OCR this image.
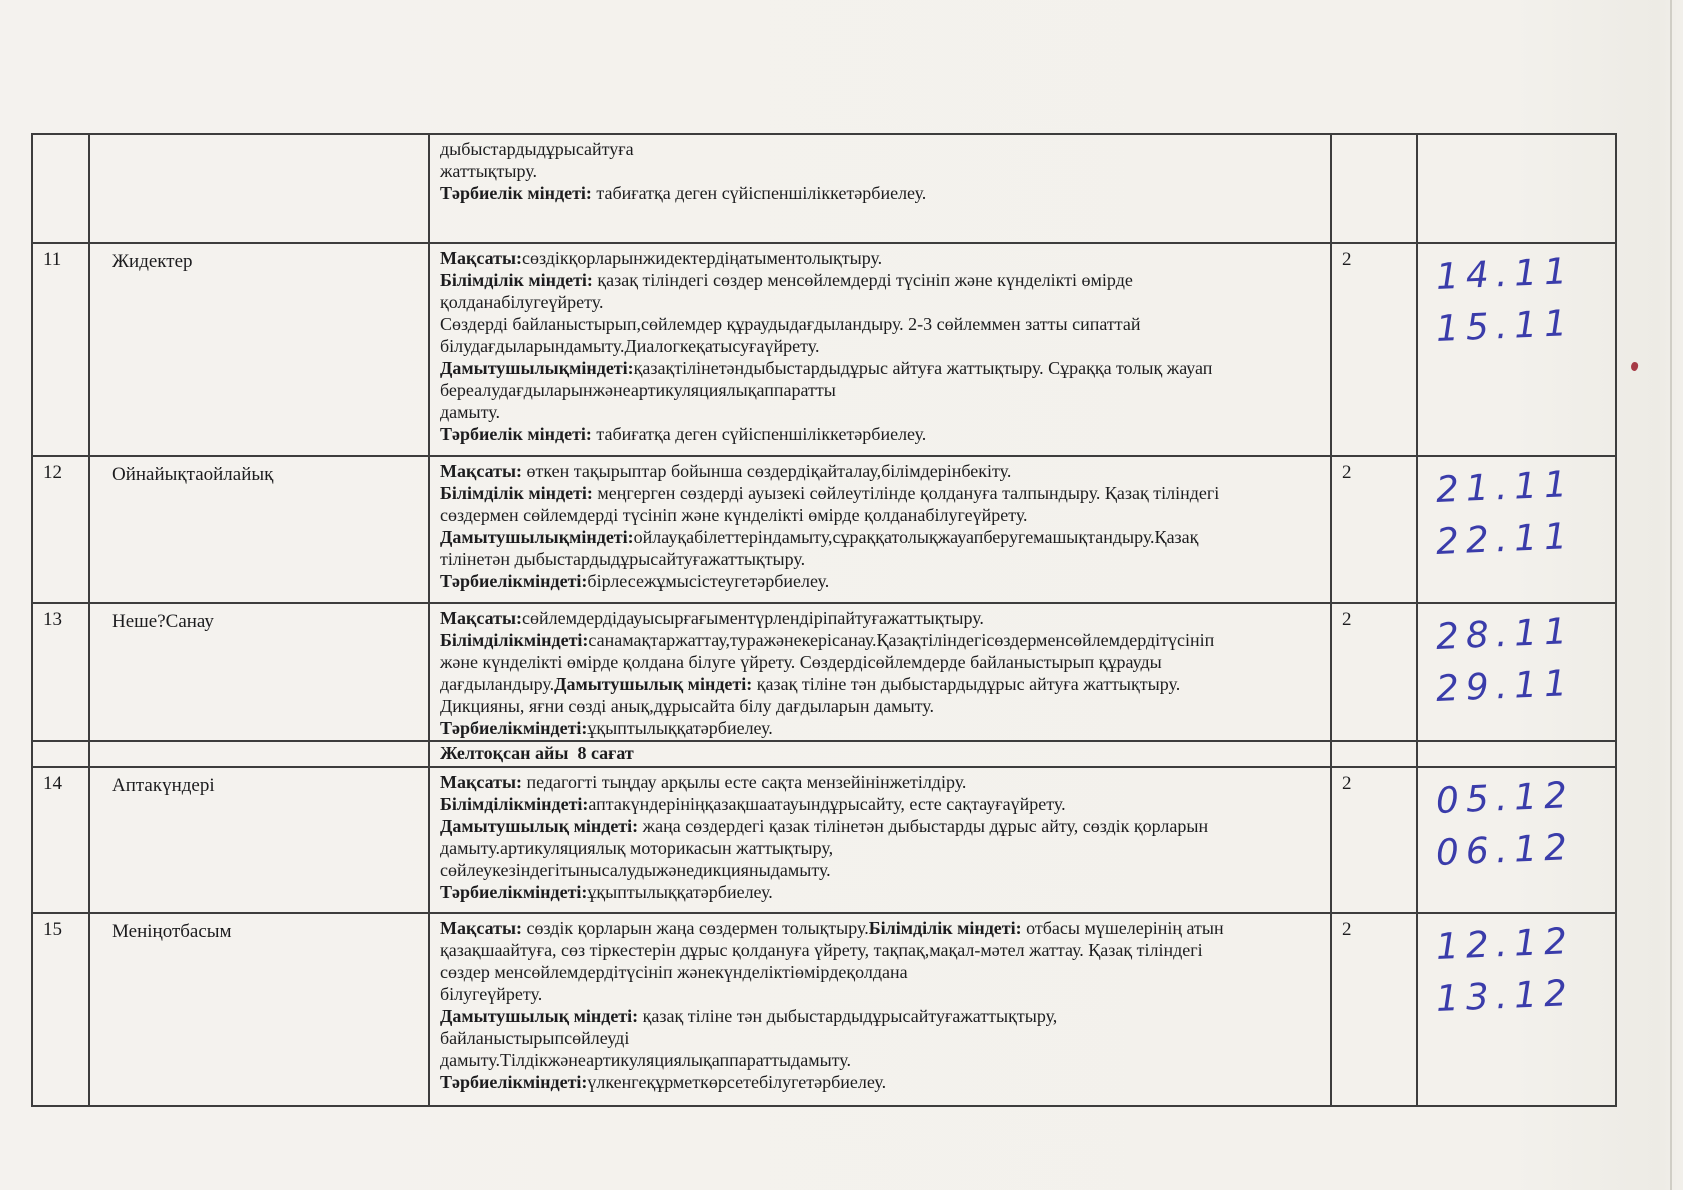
дыбыстардыдұрысайтуға
жаттықтыру.
Тәрбиелік міндеті: табиғатқа деген сүйіспеншіліккетәрбиелеу.
11	Жидектер	Мақсаты:сөздікқорларынжидектердіңатыментолықтыру.
Білімділік міндеті: қазақ тіліндегі сөздер менсөйлемдерді түсініп және күнделікті өмірде
қолданабілугеүйрету.
Сөздерді байланыстырып,сөйлемдер құраудыдағдыландыру. 2-3 сөйлеммен затты сипаттай
білудағдыларындамыту.Диалогкеқатысуғаүйрету.
Дамытушылықміндеті:қазақтілінетәндыбыстардыдұрыс айтуға жаттықтыру. Сұраққа толық жауап
береалудағдыларынжәнеартикуляциялықаппаратты
дамыту.
Тәрбиелік міндеті: табиғатқа деген сүйіспеншіліккетәрбиелеу.
2	14.11
15.11
12	Ойнайықтаойлайық	Мақсаты: өткен тақырыптар бойынша сөздердіқайталау,білімдерінбекіту.
Білімділік міндеті: меңгерген сөздерді ауызекі сөйлеутілінде қолдануға талпындыру. Қазақ тіліндегі
сөздермен сөйлемдерді түсініп және күнделікті өмірде қолданабілугеүйрету.
Дамытушылықміндеті:ойлауқабілеттеріндамыту,сұраққатолықжауапберугемашықтандыру.Қазақ
тілінетән дыбыстардыдұрысайтуғажаттықтыру.
Тәрбиелікміндеті:бірлесежұмысістеугетәрбиелеу.
2	21.11
22.11
13	Неше?Санау	Мақсаты:сөйлемдердідауысырғағыментүрлендіріпайтуғажаттықтыру.
Білімділікміндеті:санамақтаржаттау,туражәнекерісанау.Қазақтіліндегісөздерменсөйлемдердітүсініп
және күнделікті өмірде қолдана білуге үйрету. Сөздердісөйлемдерде байланыстырып құрауды
дағдыландыру.Дамытушылық міндеті: қазақ тіліне тән дыбыстардыдұрыс айтуға жаттықтыру.
Дикцияны, яғни сөзді анық,дұрысайта білу дағдыларын дамыту.
Тәрбиелікміндеті:ұқыптылыққатәрбиелеу.
2	28.11
29.11
Желтоқсан айы  8 сағат
14	Аптакүндері	Мақсаты: педагогті тыңдау арқылы есте сақта мензейінінжетілдіру.
Білімділікміндеті:аптакүндерініңқазақшаатауындұрысайту, есте сақтауғаүйрету.
Дамытушылық міндеті: жаңа сөздердегі қазак тілінетән дыбыстарды дұрыс айту, сөздік қорларын
дамыту.артикуляциялық моторикасын жаттықтыру,
сөйлеукезіндегітынысалудыжәнедикцияныдамыту.
Тәрбиелікміндеті:ұқыптылыққатәрбиелеу.
2	05.12
06.12
15	Меніңотбасым	Мақсаты: сөздік қорларын жаңа сөздермен толықтыру.Білімділік міндеті: отбасы мүшелерінің атын
қазақшаайтуға, сөз тіркестерін дұрыс қолдануға үйрету, тақпақ,мақал-мәтел жаттау. Қазақ тіліндегі
сөздер менсөйлемдердітүсініп жәнекүнделіктіөмірдеқолдана
білугеүйрету.
Дамытушылық міндеті: қазақ тіліне тән дыбыстардыдұрысайтуғажаттықтыру,
байланыстырыпсөйлеуді
дамыту.Тілдікжәнеартикуляциялықаппараттыдамыту.
Тәрбиелікміндеті:үлкенгеқұрметкөрсетебілугетәрбиелеу.
2	12.12
13.12
